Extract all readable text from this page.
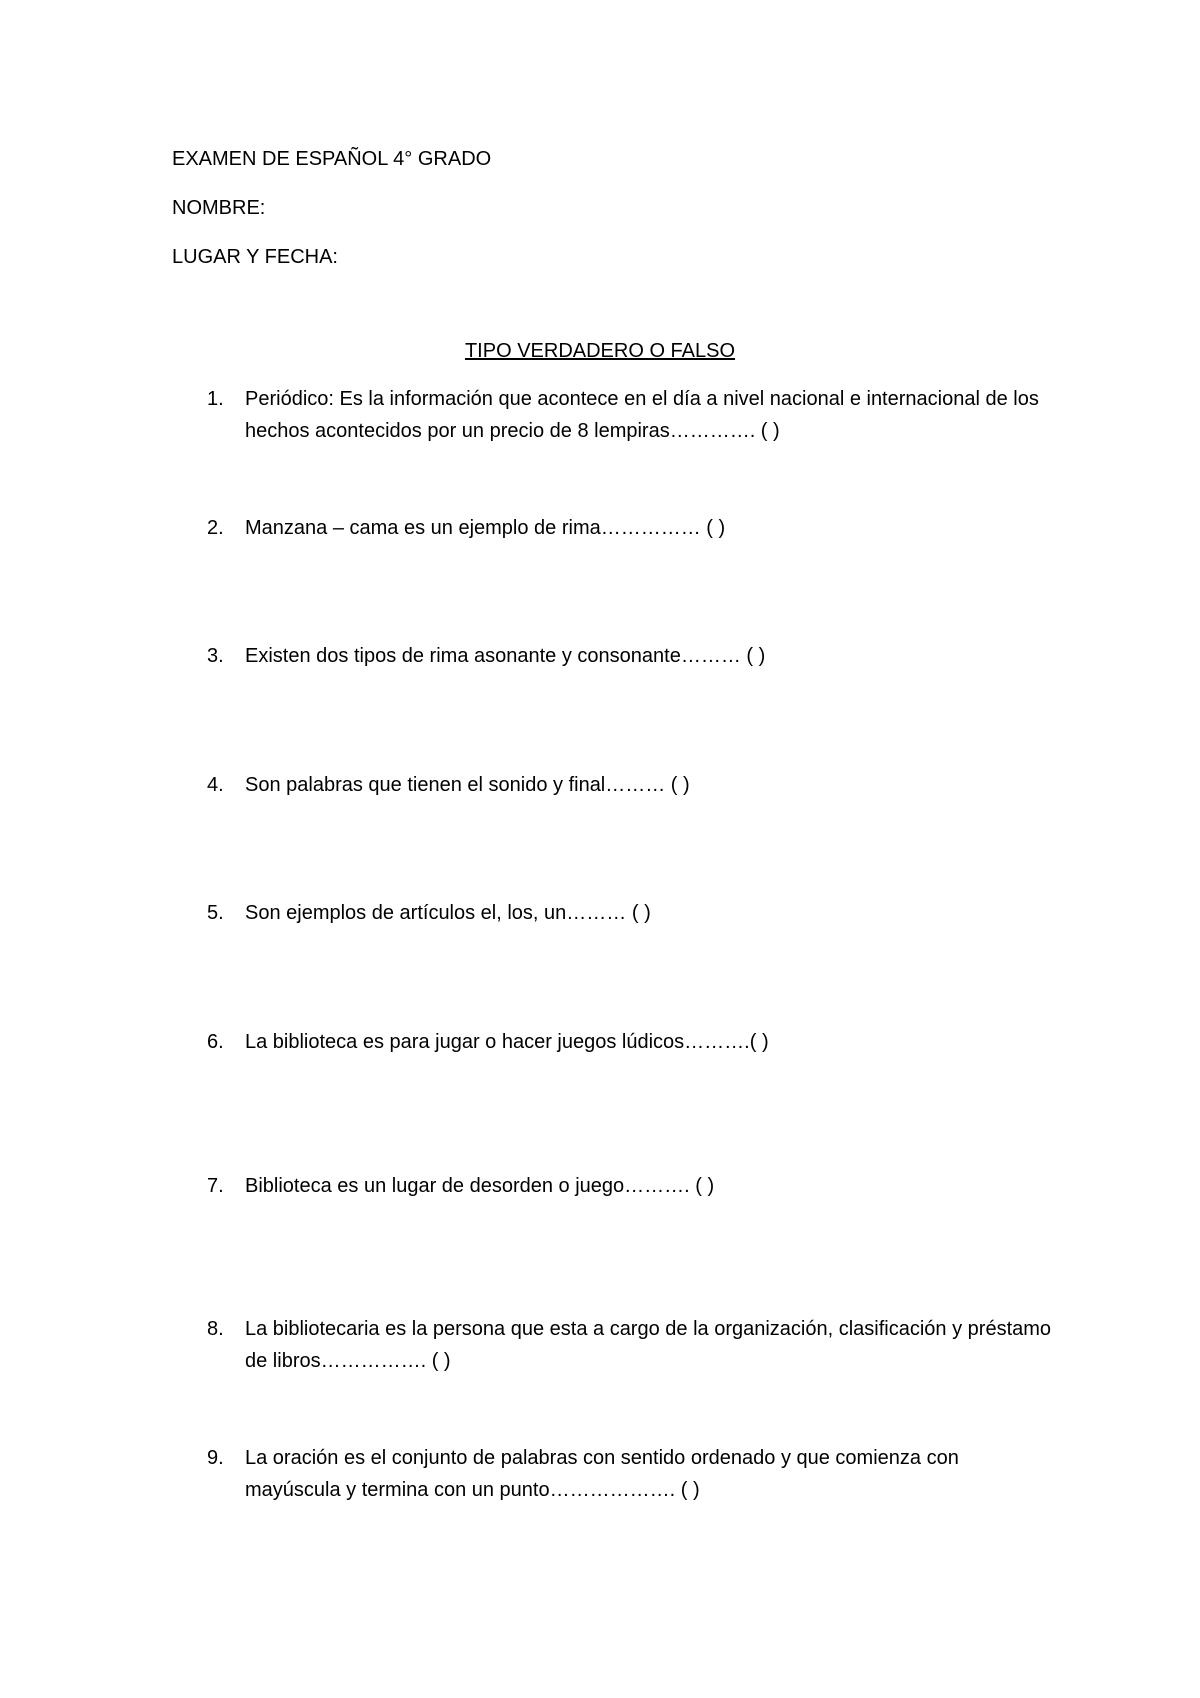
EXAMEN DE ESPAÑOL 4° GRADO
NOMBRE:
LUGAR Y FECHA:
TIPO VERDADERO O FALSO
1.	Periódico: Es la información que acontece en el día a nivel nacional e internacional de los hechos acontecidos por un precio de 8 lempiras…………. ( )
2.	Manzana – cama es un ejemplo de rima…………… ( )
3.	Existen dos tipos de rima asonante y consonante……… ( )
4.	Son palabras que tienen el sonido y final……… ( )
5.	Son ejemplos de artículos el, los, un……… ( )
6.	La biblioteca es para jugar o hacer juegos lúdicos……….( )
7.	Biblioteca es un lugar de desorden o juego………. ( )
8.	La bibliotecaria es la persona que esta a cargo de la organización, clasificación y préstamo de libros……………. ( )
9.	La oración es el conjunto de palabras con sentido ordenado y que comienza con mayúscula y termina con un punto………………. ( )
